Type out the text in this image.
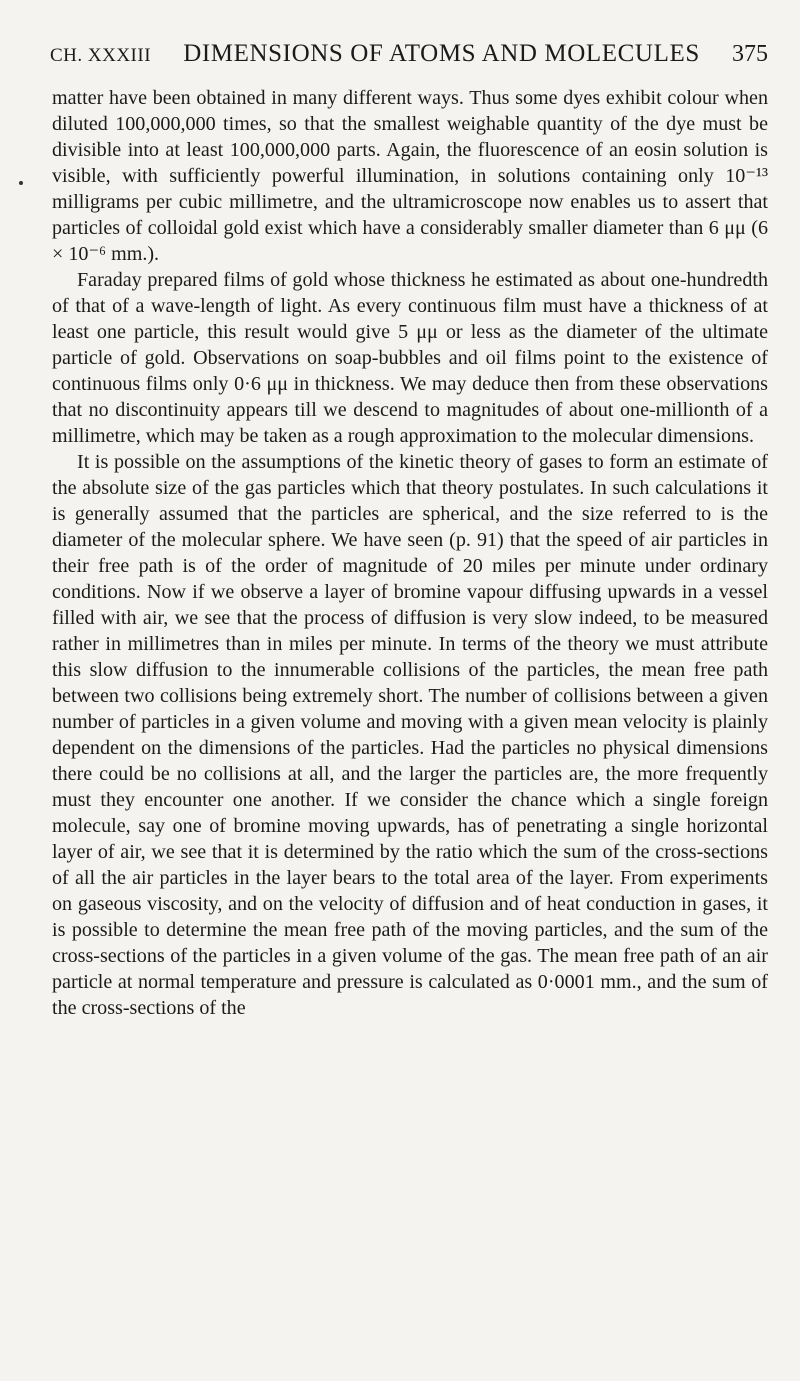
CH. XXXIII DIMENSIONS OF ATOMS AND MOLECULES 375

matter have been obtained in many different ways. Thus some dyes exhibit colour when diluted 100,000,000 times, so that the smallest weighable quantity of the dye must be divisible into at least 100,000,000 parts. Again, the fluorescence of an eosin solution is visible, with sufficiently powerful illumination, in solutions containing only 10⁻¹³ milligrams per cubic millimetre, and the ultramicroscope now enables us to assert that particles of colloidal gold exist which have a considerably smaller diameter than 6 μμ (6 × 10⁻⁶ mm.).

Faraday prepared films of gold whose thickness he estimated as about one-hundredth of that of a wave-length of light. As every continuous film must have a thickness of at least one particle, this result would give 5 μμ or less as the diameter of the ultimate particle of gold. Observations on soap-bubbles and oil films point to the existence of continuous films only 0·6 μμ in thickness. We may deduce then from these observations that no discontinuity appears till we descend to magnitudes of about one-millionth of a millimetre, which may be taken as a rough approximation to the molecular dimensions.

It is possible on the assumptions of the kinetic theory of gases to form an estimate of the absolute size of the gas particles which that theory postulates. In such calculations it is generally assumed that the particles are spherical, and the size referred to is the diameter of the molecular sphere. We have seen (p. 91) that the speed of air particles in their free path is of the order of magnitude of 20 miles per minute under ordinary conditions. Now if we observe a layer of bromine vapour diffusing upwards in a vessel filled with air, we see that the process of diffusion is very slow indeed, to be measured rather in millimetres than in miles per minute. In terms of the theory we must attribute this slow diffusion to the innumerable collisions of the particles, the mean free path between two collisions being extremely short. The number of collisions between a given number of particles in a given volume and moving with a given mean velocity is plainly dependent on the dimensions of the particles. Had the particles no physical dimensions there could be no collisions at all, and the larger the particles are, the more frequently must they encounter one another. If we consider the chance which a single foreign molecule, say one of bromine moving upwards, has of penetrating a single horizontal layer of air, we see that it is determined by the ratio which the sum of the cross-sections of all the air particles in the layer bears to the total area of the layer. From experiments on gaseous viscosity, and on the velocity of diffusion and of heat conduction in gases, it is possible to determine the mean free path of the moving particles, and the sum of the cross-sections of the particles in a given volume of the gas. The mean free path of an air particle at normal temperature and pressure is calculated as 0·0001 mm., and the sum of the cross-sections of the
